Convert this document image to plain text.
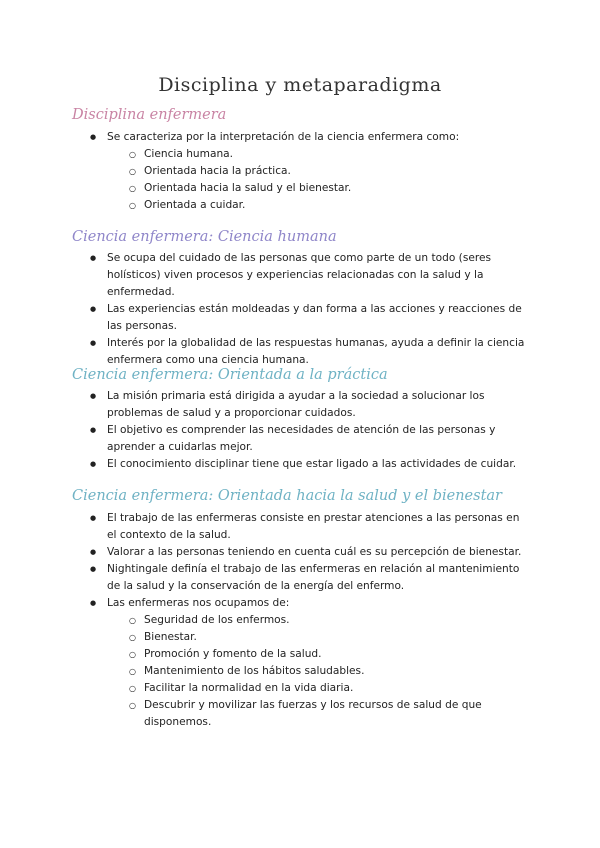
Disciplina y metaparadigma
Disciplina enfermera
● Se caracteriza por la interpretación de la ciencia enfermera como:
○ Ciencia humana.
○ Orientada hacia la práctica.
○ Orientada hacia la salud y el bienestar.
○ Orientada a cuidar.
Ciencia enfermera: Ciencia humana
● Se ocupa del cuidado de las personas que como parte de un todo (seres holísticos) viven procesos y experiencias relacionadas con la salud y la enfermedad.
● Las experiencias están moldeadas y dan forma a las acciones y reacciones de las personas.
● Interés por la globalidad de las respuestas humanas, ayuda a definir la ciencia enfermera como una ciencia humana.
Ciencia enfermera: Orientada a la práctica
● La misión primaria está dirigida a ayudar a la sociedad a solucionar los problemas de salud y a proporcionar cuidados.
● El objetivo es comprender las necesidades de atención de las personas y aprender a cuidarlas mejor.
● El conocimiento disciplinar tiene que estar ligado a las actividades de cuidar.
Ciencia enfermera: Orientada hacia la salud y el bienestar
● El trabajo de las enfermeras consiste en prestar atenciones a las personas en el contexto de la salud.
● Valorar a las personas teniendo en cuenta cuál es su percepción de bienestar.
● Nightingale definía el trabajo de las enfermeras en relación al mantenimiento de la salud y la conservación de la energía del enfermo.
● Las enfermeras nos ocupamos de:
○ Seguridad de los enfermos.
○ Bienestar.
○ Promoción y fomento de la salud.
○ Mantenimiento de los hábitos saludables.
○ Facilitar la normalidad en la vida diaria.
○ Descubrir y movilizar las fuerzas y los recursos de salud de que disponemos.
